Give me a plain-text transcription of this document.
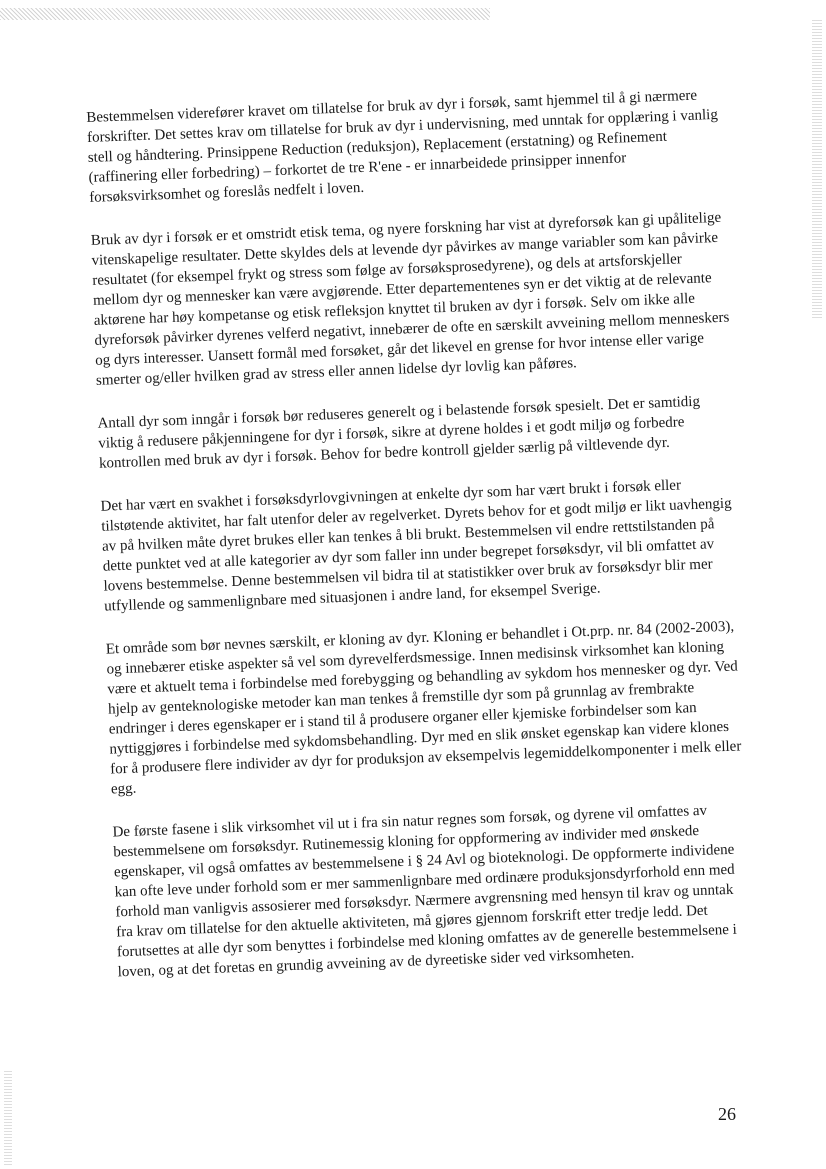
Bestemmelsen viderefører kravet om tillatelse for bruk av dyr i forsøk, samt hjemmel til å gi nærmere forskrifter. Det settes krav om tillatelse for bruk av dyr i undervisning, med unntak for opplæring i vanlig stell og håndtering. Prinsippene Reduction (reduksjon), Replacement (erstatning) og Refinement (raffinering eller forbedring) – forkortet de tre R'ene - er innarbeidede prinsipper innenfor forsøksvirksomhet og foreslås nedfelt i loven.

Bruk av dyr i forsøk er et omstridt etisk tema, og nyere forskning har vist at dyreforsøk kan gi upålitelige vitenskapelige resultater. Dette skyldes dels at levende dyr påvirkes av mange variabler som kan påvirke resultatet (for eksempel frykt og stress som følge av forsøksprosedyrene), og dels at artsforskjeller mellom dyr og mennesker kan være avgjørende. Etter departementenes syn er det viktig at de relevante aktørene har høy kompetanse og etisk refleksjon knyttet til bruken av dyr i forsøk. Selv om ikke alle dyreforsøk påvirker dyrenes velferd negativt, innebærer de ofte en særskilt avveining mellom menneskers og dyrs interesser. Uansett formål med forsøket, går det likevel en grense for hvor intense eller varige smerter og/eller hvilken grad av stress eller annen lidelse dyr lovlig kan påføres.

Antall dyr som inngår i forsøk bør reduseres generelt og i belastende forsøk spesielt. Det er samtidig viktig å redusere påkjenningene for dyr i forsøk, sikre at dyrene holdes i et godt miljø og forbedre kontrollen med bruk av dyr i forsøk. Behov for bedre kontroll gjelder særlig på viltlevende dyr.

Det har vært en svakhet i forsøksdyrlovgivningen at enkelte dyr som har vært brukt i forsøk eller tilstøtende aktivitet, har falt utenfor deler av regelverket. Dyrets behov for et godt miljø er likt uavhengig av på hvilken måte dyret brukes eller kan tenkes å bli brukt. Bestemmelsen vil endre rettstilstanden på dette punktet ved at alle kategorier av dyr som faller inn under begrepet forsøksdyr, vil bli omfattet av lovens bestemmelse. Denne bestemmelsen vil bidra til at statistikker over bruk av forsøksdyr blir mer utfyllende og sammenlignbare med situasjonen i andre land, for eksempel Sverige.

Et område som bør nevnes særskilt, er kloning av dyr. Kloning er behandlet i Ot.prp. nr. 84 (2002-2003), og innebærer etiske aspekter så vel som dyrevelferdsmessige. Innen medisinsk virksomhet kan kloning være et aktuelt tema i forbindelse med forebygging og behandling av sykdom hos mennesker og dyr. Ved hjelp av genteknologiske metoder kan man tenkes å fremstille dyr som på grunnlag av frembrakte endringer i deres egenskaper er i stand til å produsere organer eller kjemiske forbindelser som kan nyttiggjøres i forbindelse med sykdomsbehandling. Dyr med en slik ønsket egenskap kan videre klones for å produsere flere individer av dyr for produksjon av eksempelvis legemiddelkomponenter i melk eller egg.

De første fasene i slik virksomhet vil ut i fra sin natur regnes som forsøk, og dyrene vil omfattes av bestemmelsene om forsøksdyr. Rutinemessig kloning for oppformering av individer med ønskede egenskaper, vil også omfattes av bestemmelsene i § 24 Avl og bioteknologi. De oppformerte individene kan ofte leve under forhold som er mer sammenlignbare med ordinære produksjonsdyrforhold enn med forhold man vanligvis assosierer med forsøksdyr. Nærmere avgrensning med hensyn til krav og unntak fra krav om tillatelse for den aktuelle aktiviteten, må gjøres gjennom forskrift etter tredje ledd. Det forutsettes at alle dyr som benyttes i forbindelse med kloning omfattes av de generelle bestemmelsene i loven, og at det foretas en grundig avveining av de dyreetiske sider ved virksomheten.

26
